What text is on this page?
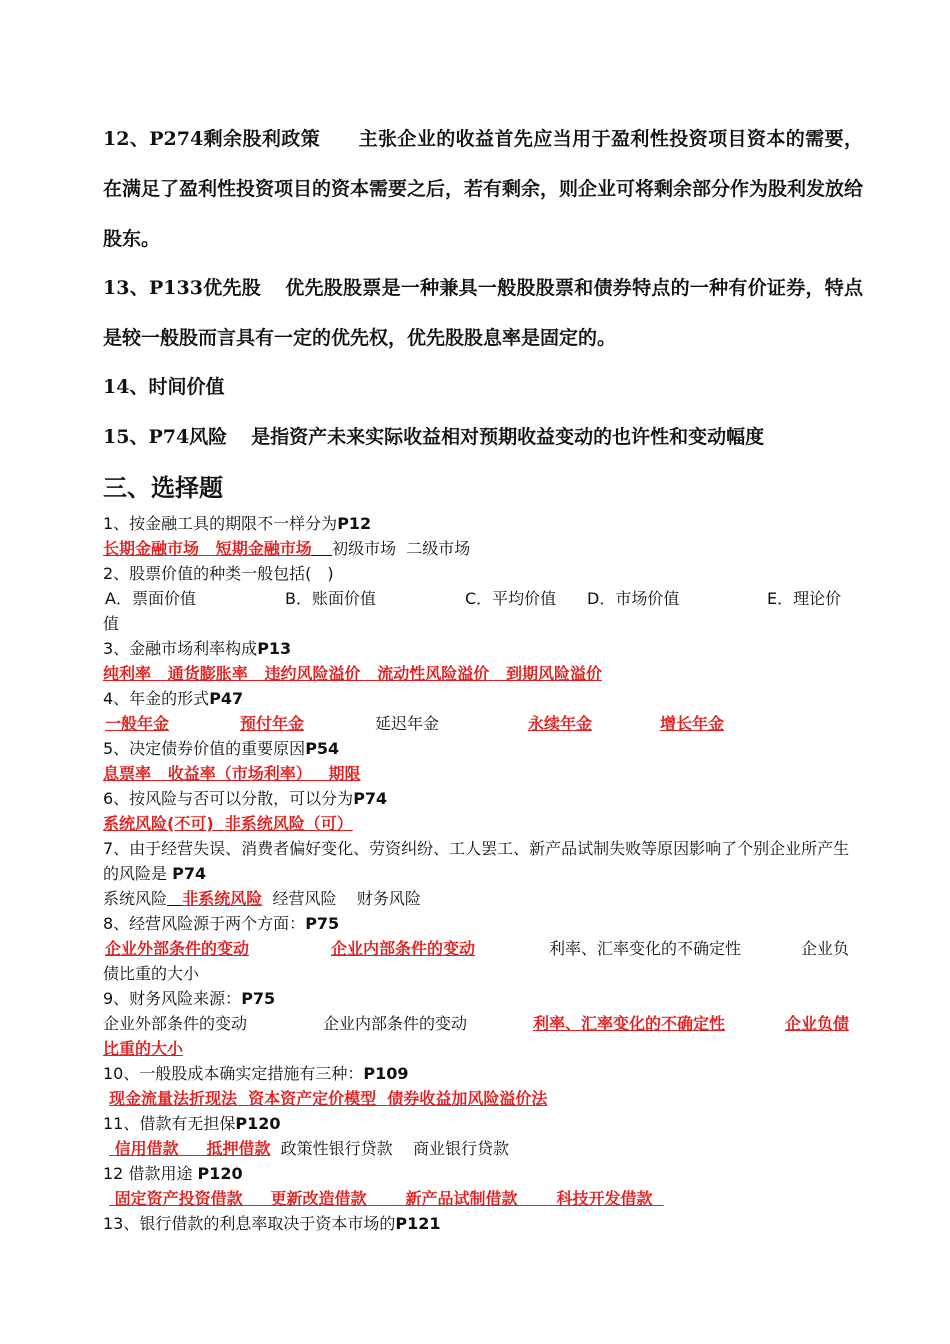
12、P274剩余股利政策 主张企业的收益首先应当用于盈利性投资项目资本的需要，在满足了盈利性投资项目的资本需要之后，若有剩余，则企业可将剩余部分作为股利发放给股东。

13、P133优先股 优先股股票是一种兼具一般股股票和债券特点的一种有价证券，特点是较一般股而言具有一定的优先权，优先股股息率是固定的。

14、时间价值

15、P74风险 是指资产未来实际收益相对预期收益变动的也许性和变动幅度

三、选择题
1、按金融工具的期限不一样分为P12
长期金融市场 短期金融市场 初级市场 二级市场
2、股票价值的种类一般包括(　)
A．票面价值	B．账面价值	C．平均价值 D．市场价值	E．理论价
值
3、金融市场利率构成P13
纯利率 通货膨胀率 违约风险溢价 流动性风险溢价 到期风险溢价
4、年金的形式P47
一般年金	预付年金	延迟年金	永续年金	增长年金
5、决定债券价值的重要原因P54
息票率 收益率（市场利率） 期限
6、按风险与否可以分散，可以分为P74
系统风险(不可) 非系统风险（可）
7、由于经营失误、消费者偏好变化、劳资纠纷、工人罢工、新产品试制失败等原因影响了个别企业所产生的风险是 P74
系统风险 非系统风险 经营风险 财务风险
8、经营风险源于两个方面：P75
企业外部条件的变动	企业内部条件的变动	利率、汇率变化的不确定性	企业负
债比重的大小
9、财务风险来源：P75
企业外部条件的变动	企业内部条件的变动	利率、汇率变化的不确定性	企业负债
比重的大小
10、一般股成本确实定措施有三种：P109
现金流量法折现法 资本资产定价模型 债券收益加风险溢价法
11、借款有无担保P120
信用借款 抵押借款 政策性银行贷款 商业银行贷款
12 借款用途 P120
固定资产投资借款 更新改造借款 新产品试制借款 科技开发借款
13、银行借款的利息率取决于资本市场的P121
